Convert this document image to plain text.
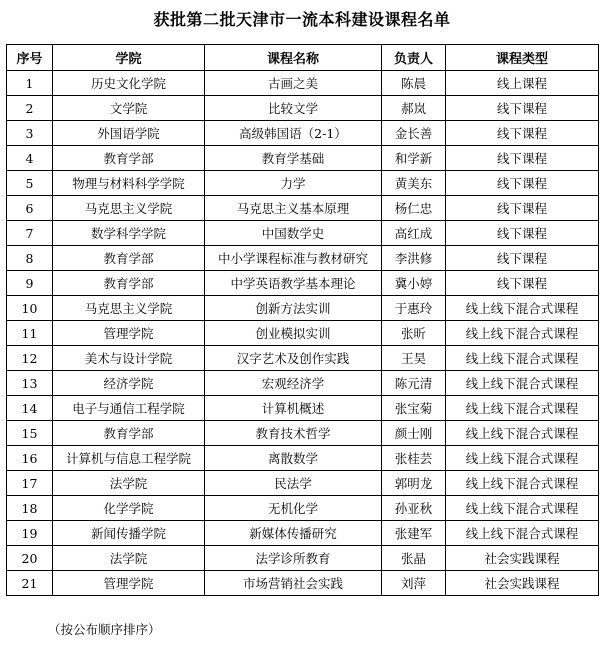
获批第二批天津市一流本科建设课程名单
序号	学院	课程名称	负责人	课程类型
1	历史文化学院	古画之美	陈晨	线上课程
2	文学院	比较文学	郝岚	线下课程
3	外国语学院	高级韩国语（2-1）	金长善	线下课程
4	教育学部	教育学基础	和学新	线下课程
5	物理与材料科学学院	力学	黄美东	线下课程
6	马克思主义学院	马克思主义基本原理	杨仁忠	线下课程
7	数学科学学院	中国数学史	高红成	线下课程
8	教育学部	中小学课程标准与教材研究	李洪修	线下课程
9	教育学部	中学英语教学基本理论	冀小婷	线下课程
10	马克思主义学院	创新方法实训	于惠玲	线上线下混合式课程
11	管理学院	创业模拟实训	张昕	线上线下混合式课程
12	美术与设计学院	汉字艺术及创作实践	王昊	线上线下混合式课程
13	经济学院	宏观经济学	陈元清	线上线下混合式课程
14	电子与通信工程学院	计算机概述	张宝菊	线上线下混合式课程
15	教育学部	教育技术哲学	颜士刚	线上线下混合式课程
16	计算机与信息工程学院	离散数学	张桂芸	线上线下混合式课程
17	法学院	民法学	郭明龙	线上线下混合式课程
18	化学学院	无机化学	孙亚秋	线上线下混合式课程
19	新闻传播学院	新媒体传播研究	张建军	线上线下混合式课程
20	法学院	法学诊所教育	张晶	社会实践课程
21	管理学院	市场营销社会实践	刘萍	社会实践课程
（按公布顺序排序）
